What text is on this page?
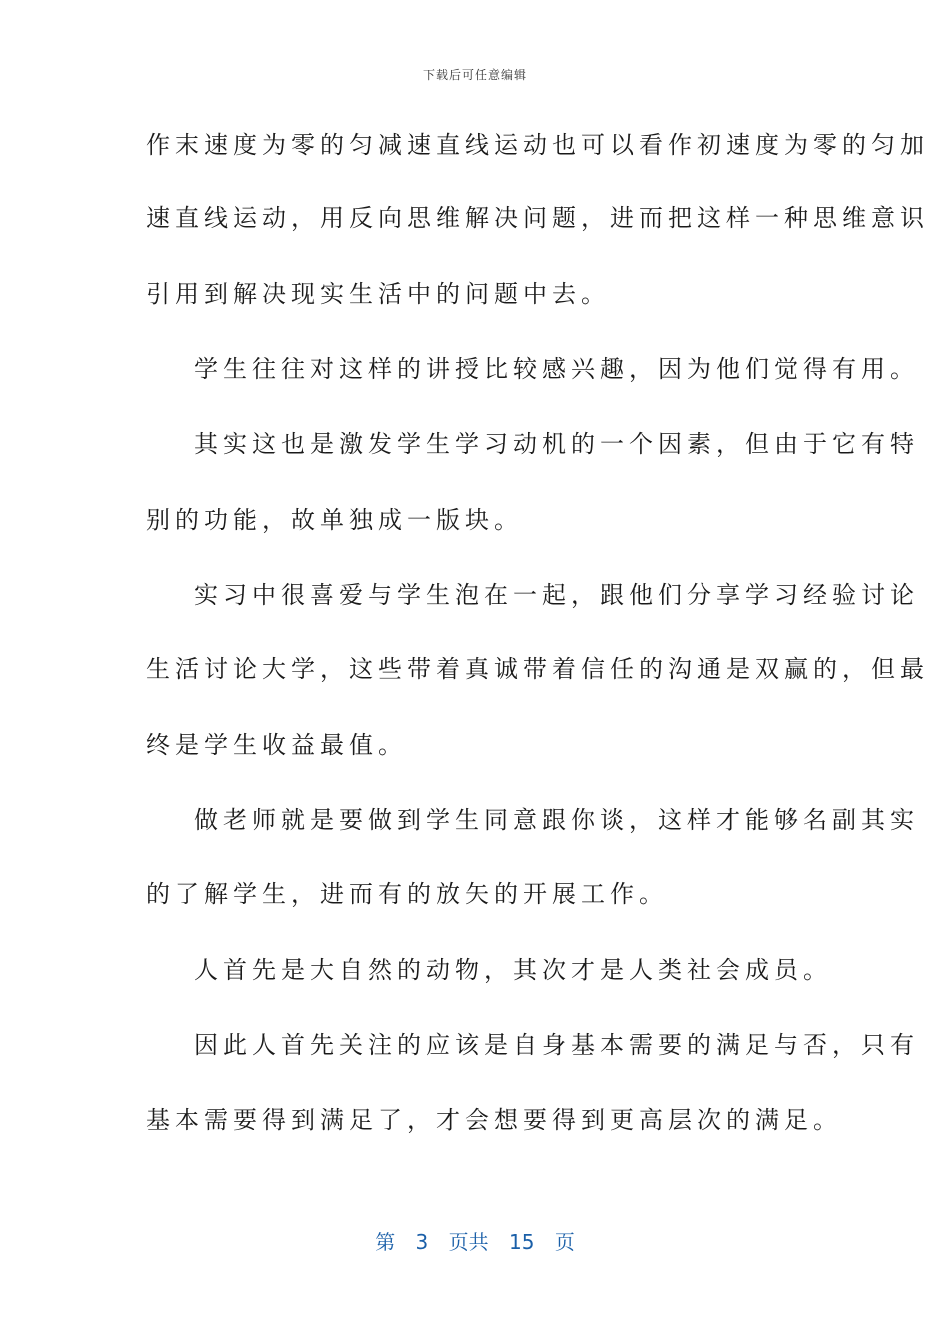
下载后可任意编辑
作末速度为零的匀减速直线运动也可以看作初速度为零的匀加
速直线运动，用反向思维解决问题，进而把这样一种思维意识
引用到解决现实生活中的问题中去。
学生往往对这样的讲授比较感兴趣，因为他们觉得有用。
其实这也是激发学生学习动机的一个因素，但由于它有特
别的功能，故单独成一版块。
实习中很喜爱与学生泡在一起，跟他们分享学习经验讨论
生活讨论大学，这些带着真诚带着信任的沟通是双赢的，但最
终是学生收益最值。
做老师就是要做到学生同意跟你谈，这样才能够名副其实
的了解学生，进而有的放矢的开展工作。
人首先是大自然的动物，其次才是人类社会成员。
因此人首先关注的应该是自身基本需要的满足与否，只有
基本需要得到满足了，才会想要得到更高层次的满足。
第 3 页共 15 页
